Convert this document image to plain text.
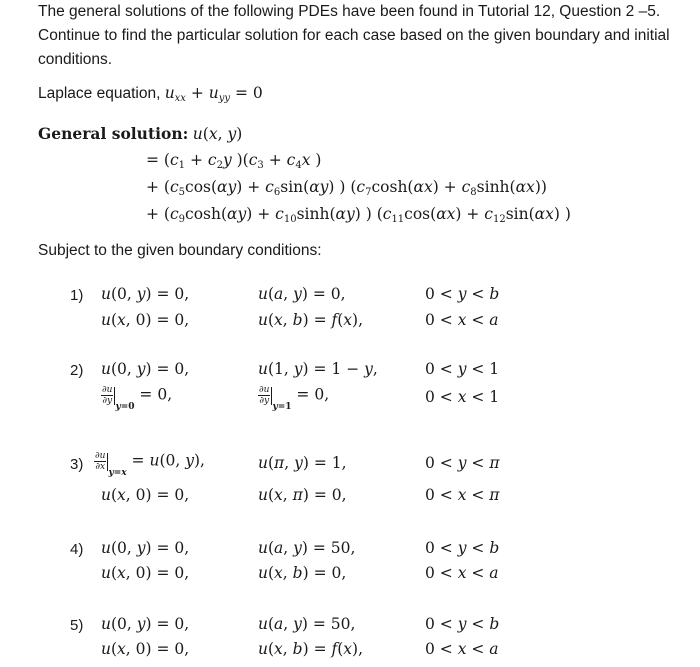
The general solutions of the following PDEs have been found in Tutorial 12, Question 2 –5. Continue to find the particular solution for each case based on the given boundary and initial conditions.
Laplace equation, $u_{xx} + u_{yy} = 0$
General solution: u(x, y)
= ($c_1 + c_2y$ )($c_3 + c_4x$ )
+ ($c_5\cos(\alpha y) + c_6\sin(\alpha y)$ ) $(c_7\cosh(\alpha x) + c_8\sinh(\alpha x))$
+ ($c_9\cosh(\alpha y) + c_{10}\sinh(\alpha y)$ ) ($c_{11}\cos(\alpha x) + c_{12}\sin(\alpha x)$ )
Subject to the given boundary conditions:
1) u(0, y) = 0,
u(x, 0) = 0,
u(a, y) = 0,
u(x, b) = f(x),
0 < y < b
0 < x < a
2) u(0, y) = 0,
$\frac{\partial u}{\partial y}$
y=0 = 0,
u(1, y) = 1 − y,
$\frac{\partial u}{\partial y}$
y=1 = 0,
0 < y < 1
0 < x < 1
$3) \frac{\partial u}{\partial x}$
y=x = u(0, y),
u(x, 0) = 0,
u(π, y) = 1,
u(x, π) = 0,
0 < y < π
0 < x < π
4) u(0, y) = 0,
u(x, 0) = 0,
u(a, y) = 50,
u(x, b) = 0,
0 < y < b
0 < x < a
5) u(0, y) = 0,
u(x, 0) = 0,
u(a, y) = 50,
u(x, b) = f(x),
0 < y < b
0 < x < a
